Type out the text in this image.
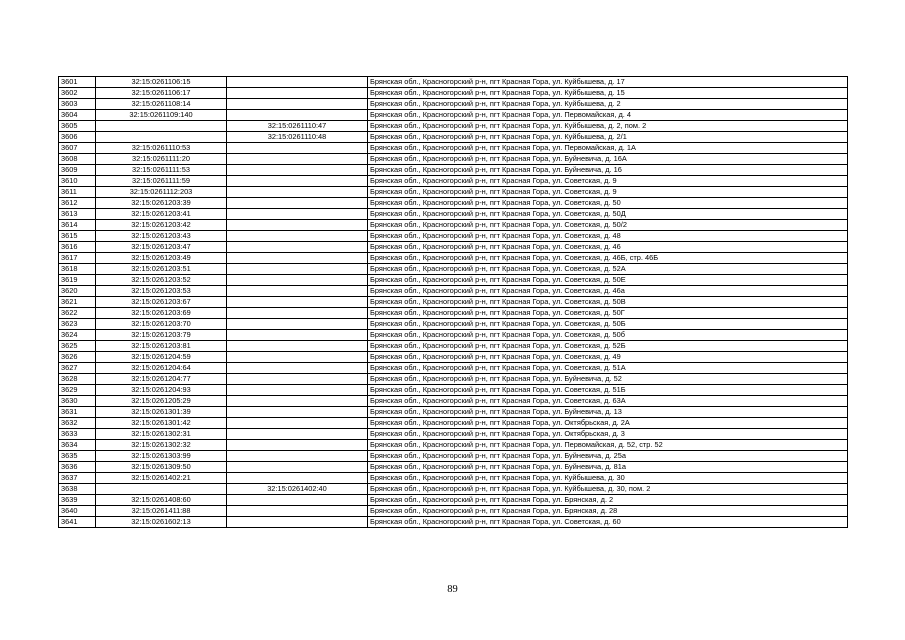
3601	32:15:0261106:15		Брянская обл., Красногорский р-н, пгт Красная Гора, ул. Куйбышева, д. 17
3602	32:15:0261106:17		Брянская обл., Красногорский р-н, пгт Красная Гора, ул. Куйбышева, д. 15
3603	32:15:0261108:14		Брянская обл., Красногорский р-н, пгт Красная Гора, ул. Куйбышева, д. 2
3604	32:15:0261109:140		Брянская обл., Красногорский р-н, пгт Красная Гора, ул. Первомайская, д. 4
3605		32:15:0261110:47	Брянская обл., Красногорский р-н, пгт Красная Гора, ул. Куйбышева, д. 2, пом. 2
3606		32:15:0261110:48	Брянская обл., Красногорский р-н, пгт Красная Гора, ул. Куйбышева, д. 2/1
3607	32:15:0261110:53		Брянская обл., Красногорский р-н, пгт Красная Гора, ул. Первомайская, д. 1А
3608	32:15:0261111:20		Брянская обл., Красногорский р-н, пгт Красная Гора, ул. Буйневича, д. 16А
3609	32:15:0261111:53		Брянская обл., Красногорский р-н, пгт Красная Гора, ул. Буйневича, д. 16
3610	32:15:0261111:59		Брянская обл., Красногорский р-н, пгт Красная Гора, ул. Советская, д. 9
3611	32:15:0261112:203		Брянская обл., Красногорский р-н, пгт Красная Гора, ул. Советская, д. 9
3612	32:15:0261203:39		Брянская обл., Красногорский р-н, пгт Красная Гора, ул. Советская, д. 50
3613	32:15:0261203:41		Брянская обл., Красногорский р-н, пгт Красная Гора, ул. Советская, д. 50Д
3614	32:15:0261203:42		Брянская обл., Красногорский р-н, пгт Красная Гора, ул. Советская, д. 50/2
3615	32:15:0261203:43		Брянская обл., Красногорский р-н, пгт Красная Гора, ул. Советская, д. 48
3616	32:15:0261203:47		Брянская обл., Красногорский р-н, пгт Красная Гора, ул. Советская, д. 46
3617	32:15:0261203:49		Брянская обл., Красногорский р-н, пгт Красная Гора, ул. Советская, д. 46Б, стр. 46Б
3618	32:15:0261203:51		Брянская обл., Красногорский р-н, пгт Красная Гора, ул. Советская, д. 52А
3619	32:15:0261203:52		Брянская обл., Красногорский р-н, пгт Красная Гора, ул. Советская, д. 50Е
3620	32:15:0261203:53		Брянская обл., Красногорский р-н, пгт Красная Гора, ул. Советская, д. 46а
3621	32:15:0261203:67		Брянская обл., Красногорский р-н, пгт Красная Гора, ул. Советская, д. 50В
3622	32:15:0261203:69		Брянская обл., Красногорский р-н, пгт Красная Гора, ул. Советская, д. 50Г
3623	32:15:0261203:70		Брянская обл., Красногорский р-н, пгт Красная Гора, ул. Советская, д. 50Б
3624	32:15:0261203:79		Брянская обл., Красногорский р-н, пгт Красная Гора, ул. Советская, д. 50б
3625	32:15:0261203:81		Брянская обл., Красногорский р-н, пгт Красная Гора, ул. Советская, д. 52Б
3626	32:15:0261204:59		Брянская обл., Красногорский р-н, пгт Красная Гора, ул. Советская, д. 49
3627	32:15:0261204:64		Брянская обл., Красногорский р-н, пгт Красная Гора, ул. Советская, д. 51А
3628	32:15:0261204:77		Брянская обл., Красногорский р-н, пгт Красная Гора, ул. Буйневича, д. 52
3629	32:15:0261204:93		Брянская обл., Красногорский р-н, пгт Красная Гора, ул. Советская, д. 51Б
3630	32:15:0261205:29		Брянская обл., Красногорский р-н, пгт Красная Гора, ул. Советская, д. 63А
3631	32:15:0261301:39		Брянская обл., Красногорский р-н, пгт Красная Гора, ул. Буйневича, д. 13
3632	32:15:0261301:42		Брянская обл., Красногорский р-н, пгт Красная Гора, ул. Октябрьская, д. 2А
3633	32:15:0261302:31		Брянская обл., Красногорский р-н, пгт Красная Гора, ул. Октябрьская, д. 3
3634	32:15:0261302:32		Брянская обл., Красногорский р-н, пгт Красная Гора, ул. Первомайская, д. 52, стр. 52
3635	32:15:0261303:99		Брянская обл., Красногорский р-н, пгт Красная Гора, ул. Буйневича, д. 25а
3636	32:15:0261309:50		Брянская обл., Красногорский р-н, пгт Красная Гора, ул. Буйневича, д. 81а
3637	32:15:0261402:21		Брянская обл., Красногорский р-н, пгт Красная Гора, ул. Куйбышева, д. 30
3638		32:15:0261402:40	Брянская обл., Красногорский р-н, пгт Красная Гора, ул. Куйбышева, д. 30, пом. 2
3639	32:15:0261408:60		Брянская обл., Красногорский р-н, пгт Красная Гора, ул. Брянская, д. 2
3640	32:15:0261411:88		Брянская обл., Красногорский р-н, пгт Красная Гора, ул. Брянская, д. 28
3641	32:15:0261602:13		Брянская обл., Красногорский р-н, пгт Красная Гора, ул. Советская, д. 60
89
